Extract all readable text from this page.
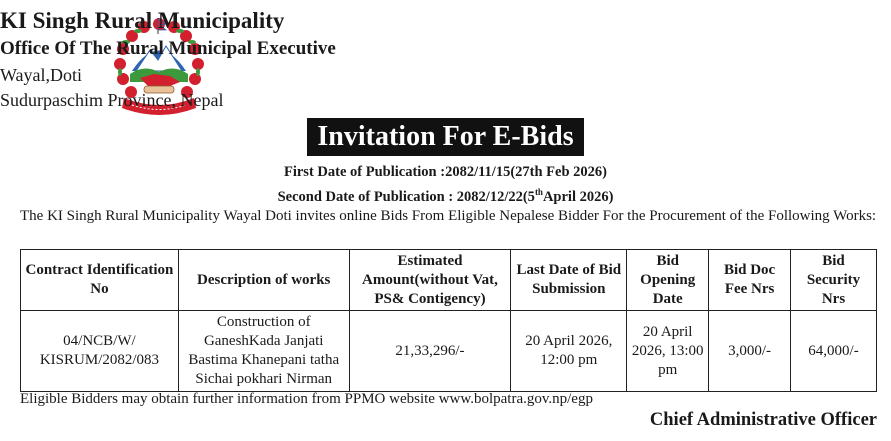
KI Singh Rural Municipality
Office Of The Rural Municipal Executive
Wayal,Doti
Sudurpaschim Province, Nepal
Invitation For E-Bids
First Date of Publication :2082/11/15(27th Feb 2026)
Second Date of Publication : 2082/12/22(5thApril 2026)
The KI Singh Rural Municipality Wayal Doti invites online Bids From Eligible Nepalese Bidder For the Procurement of the Following Works:
Contract Identification No	Description of works	Estimated Amount(without Vat, PS& Contigency)	Last Date of Bid Submission	Bid Opening Date	Bid Doc Fee Nrs	Bid Security Nrs
04/NCB/W/ KISRUM/2082/083	Construction of GaneshKada Janjati Bastima Khanepani tatha Sichai pokhari Nirman	21,33,296/-	20 April 2026, 12:00 pm	20 April 2026, 13:00 pm	3,000/-	64,000/-
Eligible Bidders may obtain further information from PPMO website www.bolpatra.gov.np/egp
Chief Administrative Officer
